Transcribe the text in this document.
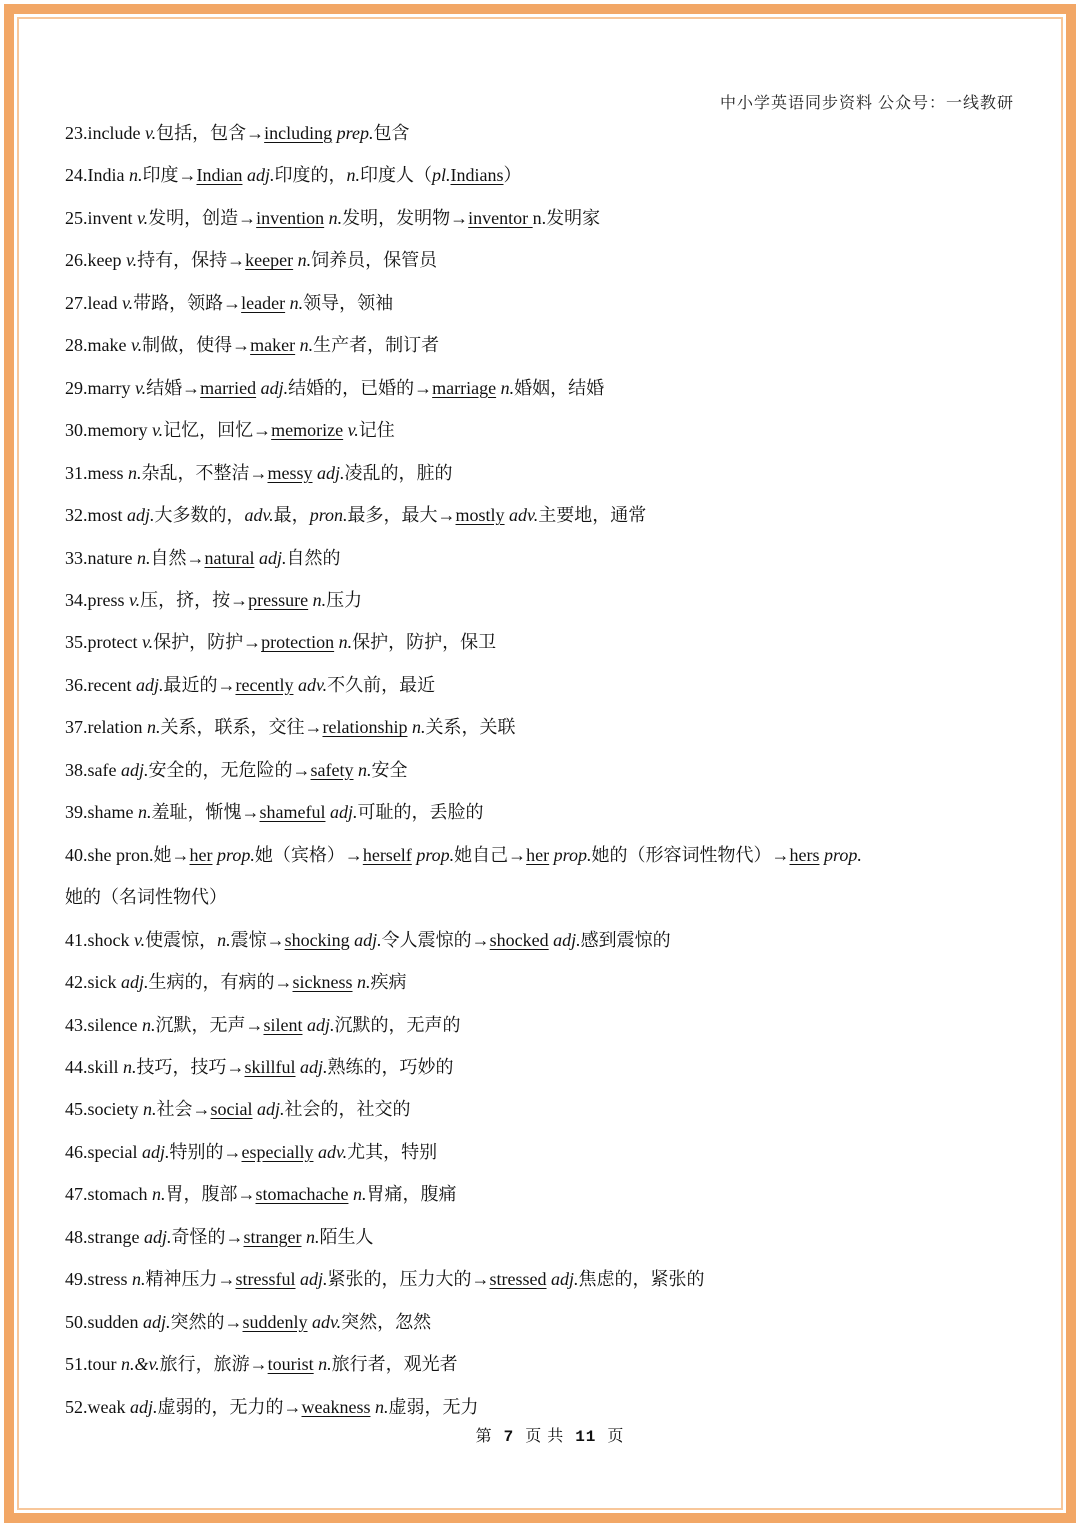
中小学英语同步资料 公众号：一线教研
23.include v.包括，包含→including prep.包含
24.India n.印度→Indian adj.印度的，n.印度人（pl.Indians）
25.invent v.发明，创造→invention n.发明，发明物→inventor n.发明家
26.keep v.持有，保持→keeper n.饲养员，保管员
27.lead v.带路，领路→leader n.领导，领袖
28.make v.制做，使得→maker n.生产者，制订者
29.marry v.结婚→married adj.结婚的，已婚的→marriage n.婚姻，结婚
30.memory v.记忆，回忆→memorize v.记住
31.mess n.杂乱，不整洁→messy adj.凌乱的，脏的
32.most adj.大多数的，adv.最，pron.最多，最大→mostly adv.主要地，通常
33.nature n.自然→natural adj.自然的
34.press v.压，挤，按→pressure n.压力
35.protect v.保护，防护→protection n.保护，防护，保卫
36.recent adj.最近的→recently adv.不久前，最近
37.relation n.关系，联系，交往→relationship n.关系，关联
38.safe adj.安全的，无危险的→safety n.安全
39.shame n.羞耻，惭愧→shameful adj.可耻的，丢脸的
40.she pron.她→her prop.她（宾格）→herself prop.她自己→her prop.她的（形容词性物代）→hers prop.
她的（名词性物代）
41.shock v.使震惊，n.震惊→shocking adj.令人震惊的→shocked adj.感到震惊的
42.sick adj.生病的，有病的→sickness n.疾病
43.silence n.沉默，无声→silent adj.沉默的，无声的
44.skill n.技巧，技巧→skillful adj.熟练的，巧妙的
45.society n.社会→social adj.社会的，社交的
46.special adj.特别的→especially adv.尤其，特别
47.stomach n.胃，腹部→stomachache n.胃痛，腹痛
48.strange adj.奇怪的→stranger n.陌生人
49.stress n.精神压力→stressful adj.紧张的，压力大的→stressed adj.焦虑的，紧张的
50.sudden adj.突然的→suddenly adv.突然，忽然
51.tour n.&v.旅行，旅游→tourist n.旅行者，观光者
52.weak adj.虚弱的，无力的→weakness n.虚弱，无力
第 7 页 共 11 页
